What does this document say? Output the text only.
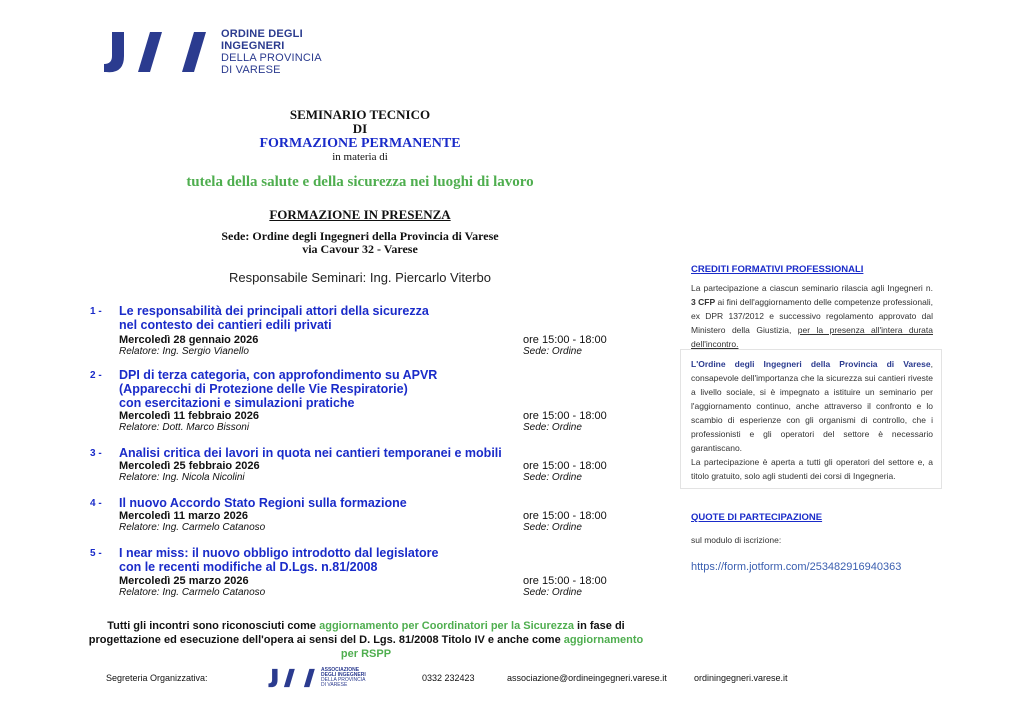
ORDINE DEGLI
INGEGNERI
DELLA PROVINCIA
DI VARESE
SEMINARIO TECNICO
DI
FORMAZIONE PERMANENTE
in materia di
tutela della salute e della sicurezza nei luoghi di lavoro
FORMAZIONE IN PRESENZA
Sede: Ordine degli Ingegneri della Provincia di Varese
via Cavour 32 - Varese
Responsabile Seminari: Ing. Piercarlo Viterbo
1 - Le responsabilità dei principali attori della sicurezza
nel contesto dei cantieri edili privati
Mercoledì 28 gennaio 2026	ore 15:00 - 18:00
Relatore: Ing. Sergio Vianello	Sede: Ordine
2 - DPI di terza categoria, con approfondimento su APVR
(Apparecchi di Protezione delle Vie Respiratorie)
con esercitazioni e simulazioni pratiche
Mercoledì 11 febbraio 2026	ore 15:00 - 18:00
Relatore: Dott. Marco Bissoni	Sede: Ordine
3 - Analisi critica dei lavori in quota nei cantieri temporanei e mobili
Mercoledì 25 febbraio 2026	ore 15:00 - 18:00
Relatore: Ing. Nicola Nicolini	Sede: Ordine
4 - Il nuovo Accordo Stato Regioni sulla formazione
Mercoledì 11 marzo 2026	ore 15:00 - 18:00
Relatore: Ing. Carmelo Catanoso	Sede: Ordine
5 - I near miss: il nuovo obbligo introdotto dal legislatore
con le recenti modifiche al D.Lgs. n.81/2008
Mercoledì 25 marzo 2026	ore 15:00 - 18:00
Relatore: Ing. Carmelo Catanoso	Sede: Ordine
Tutti gli incontri sono riconosciuti come aggiornamento per Coordinatori per la Sicurezza in fase di progettazione ed esecuzione dell'opera ai sensi del D. Lgs. 81/2008 Titolo IV e anche come aggiornamento per RSPP
CREDITI FORMATIVI PROFESSIONALI
La partecipazione a ciascun seminario rilascia agli Ingegneri n. 3 CFP ai fini dell'aggiornamento delle competenze professionali, ex DPR 137/2012 e successivo regolamento approvato dal Ministero della Giustizia, per la presenza all'intera durata dell'incontro.
L'Ordine degli Ingegneri della Provincia di Varese, consapevole dell'importanza che la sicurezza sui cantieri riveste a livello sociale, si è impegnato a istituire un seminario per l'aggiornamento continuo, anche attraverso il confronto e lo scambio di esperienze con gli organismi di controllo, che i professionisti e gli operatori del settore è necessario garantiscano.
La partecipazione è aperta a tutti gli operatori del settore e, a titolo gratuito, solo agli studenti dei corsi di Ingegneria.
QUOTE DI PARTECIPAZIONE
sul modulo di iscrizione:
https://form.jotform.com/253482916940363
Segreteria Organizzativa:
ASSOCIAZIONE
DEGLI INGEGNERI
DELLA PROVINCIA
DI VARESE
0332 232423	associazione@ordineingegneri.varese.it	ordiningegneri.varese.it
